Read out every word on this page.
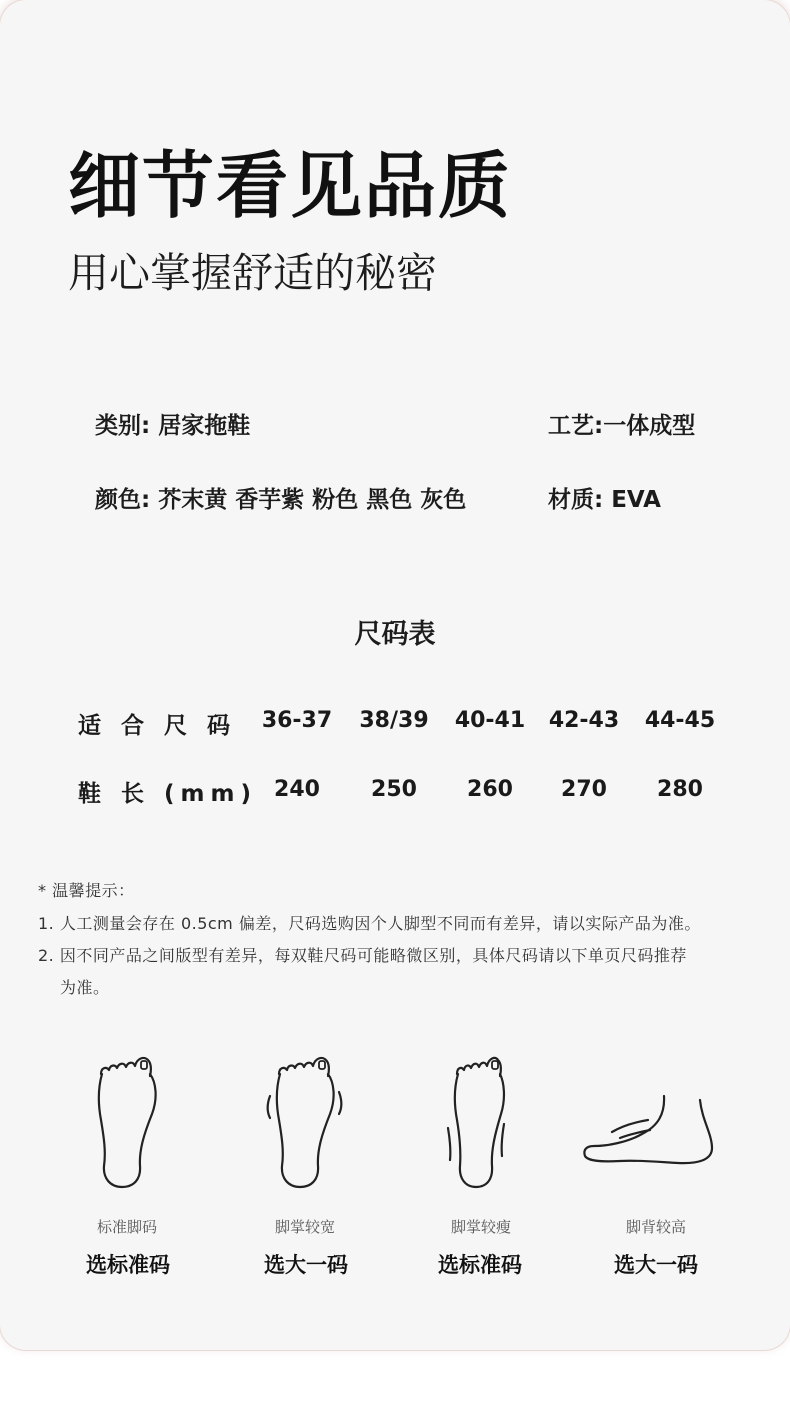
细节看见品质
用心掌握舒适的秘密
类别: 居家拖鞋	工艺:一体成型
颜色: 芥末黄 香芋紫 粉色 黑色 灰色	材质: EVA
尺码表
适 合 尺 码	36-37	38/39	40-41	42-43	44-45
鞋 长 (mm) 240	250	260	270	280
* 温馨提示：
1. 人工测量会存在 0.5cm 偏差，尺码选购因个人脚型不同而有差异，请以实际产品为准。
2. 因不同产品之间版型有差异，每双鞋尺码可能略微区别，具体尺码请以下单页尺码推荐
为准。
标准脚码	脚掌较宽	脚掌较瘦	脚背较高
选标准码	选大一码	选标准码	选大一码
